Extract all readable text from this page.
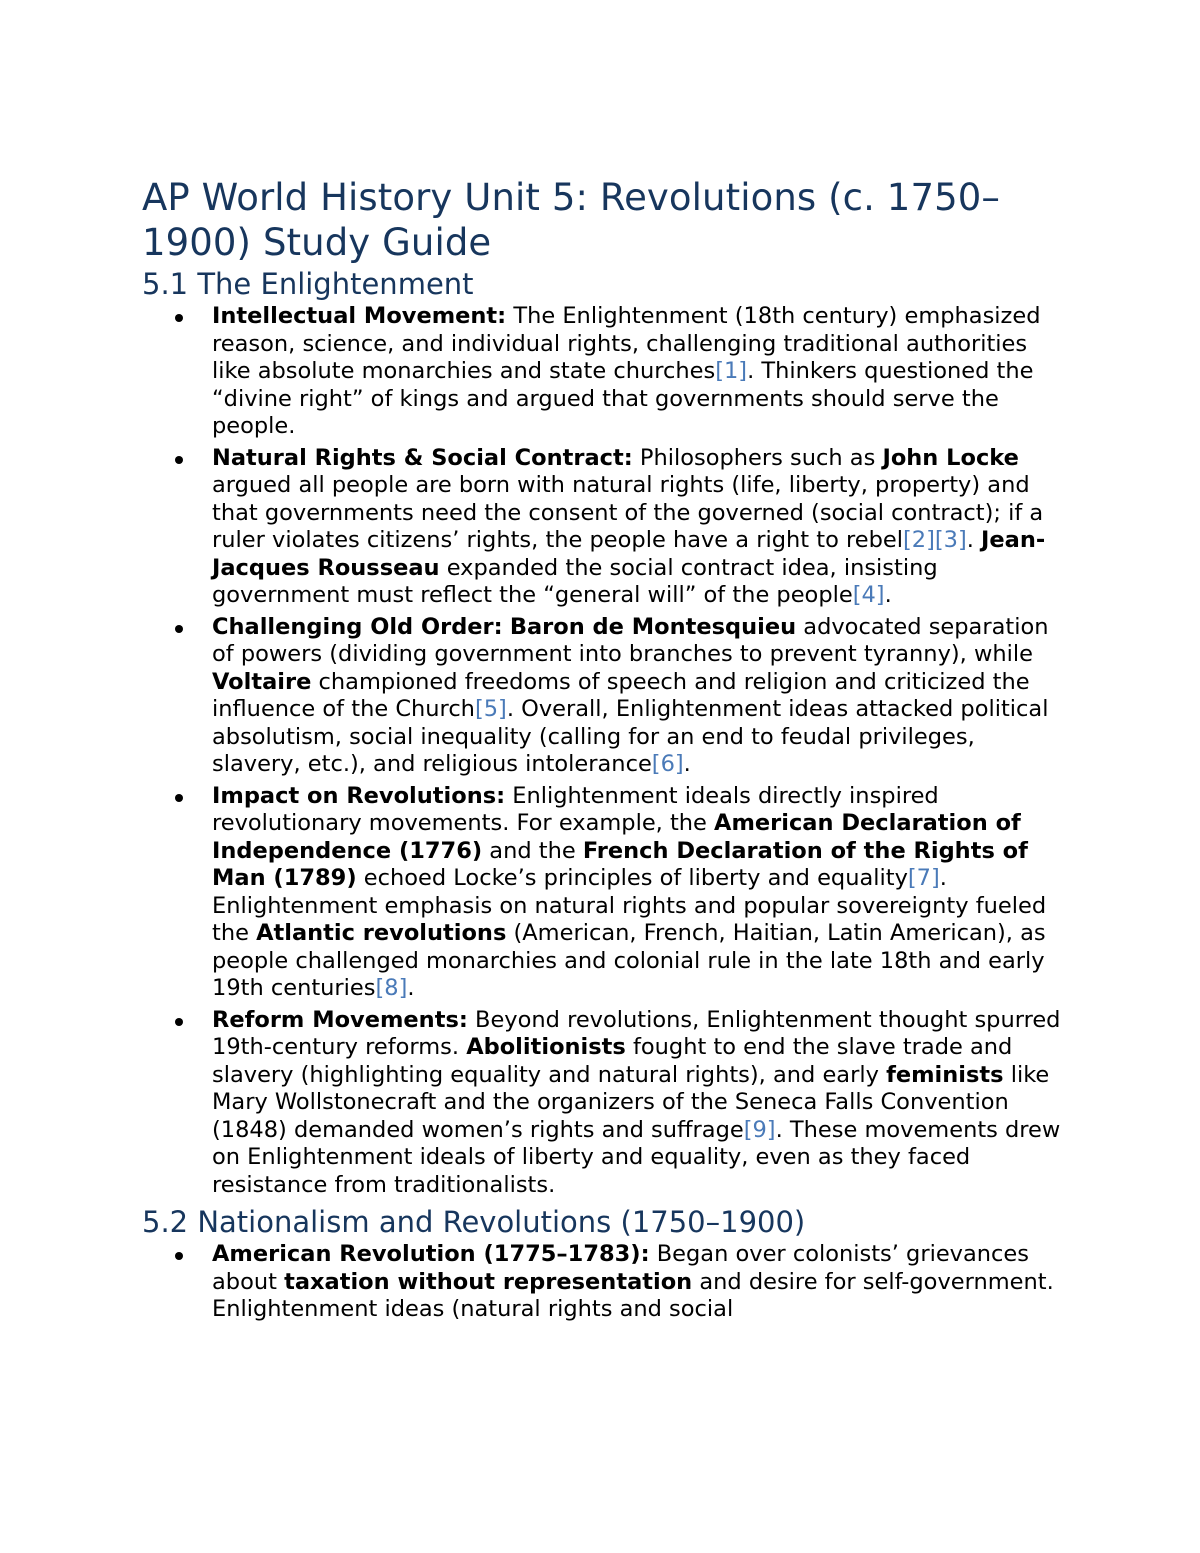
AP World History Unit 5: Revolutions (c. 1750–1900) Study Guide
5.1 The Enlightenment
Intellectual Movement: The Enlightenment (18th century) emphasized reason, science, and individual rights, challenging traditional authorities like absolute monarchies and state churches[1]. Thinkers questioned the “divine right” of kings and argued that governments should serve the people.
Natural Rights & Social Contract: Philosophers such as John Locke argued all people are born with natural rights (life, liberty, property) and that governments need the consent of the governed (social contract); if a ruler violates citizens’ rights, the people have a right to rebel[2][3]. Jean-Jacques Rousseau expanded the social contract idea, insisting government must reflect the “general will” of the people[4].
Challenging Old Order: Baron de Montesquieu advocated separation of powers (dividing government into branches to prevent tyranny), while Voltaire championed freedoms of speech and religion and criticized the influence of the Church[5]. Overall, Enlightenment ideas attacked political absolutism, social inequality (calling for an end to feudal privileges, slavery, etc.), and religious intolerance[6].
Impact on Revolutions: Enlightenment ideals directly inspired revolutionary movements. For example, the American Declaration of Independence (1776) and the French Declaration of the Rights of Man (1789) echoed Locke’s principles of liberty and equality[7]. Enlightenment emphasis on natural rights and popular sovereignty fueled the Atlantic revolutions (American, French, Haitian, Latin American), as people challenged monarchies and colonial rule in the late 18th and early 19th centuries[8].
Reform Movements: Beyond revolutions, Enlightenment thought spurred 19th-century reforms. Abolitionists fought to end the slave trade and slavery (highlighting equality and natural rights), and early feminists like Mary Wollstonecraft and the organizers of the Seneca Falls Convention (1848) demanded women’s rights and suffrage[9]. These movements drew on Enlightenment ideals of liberty and equality, even as they faced resistance from traditionalists.
5.2 Nationalism and Revolutions (1750–1900)
American Revolution (1775–1783): Began over colonists’ grievances about taxation without representation and desire for self-government. Enlightenment ideas (natural rights and social
